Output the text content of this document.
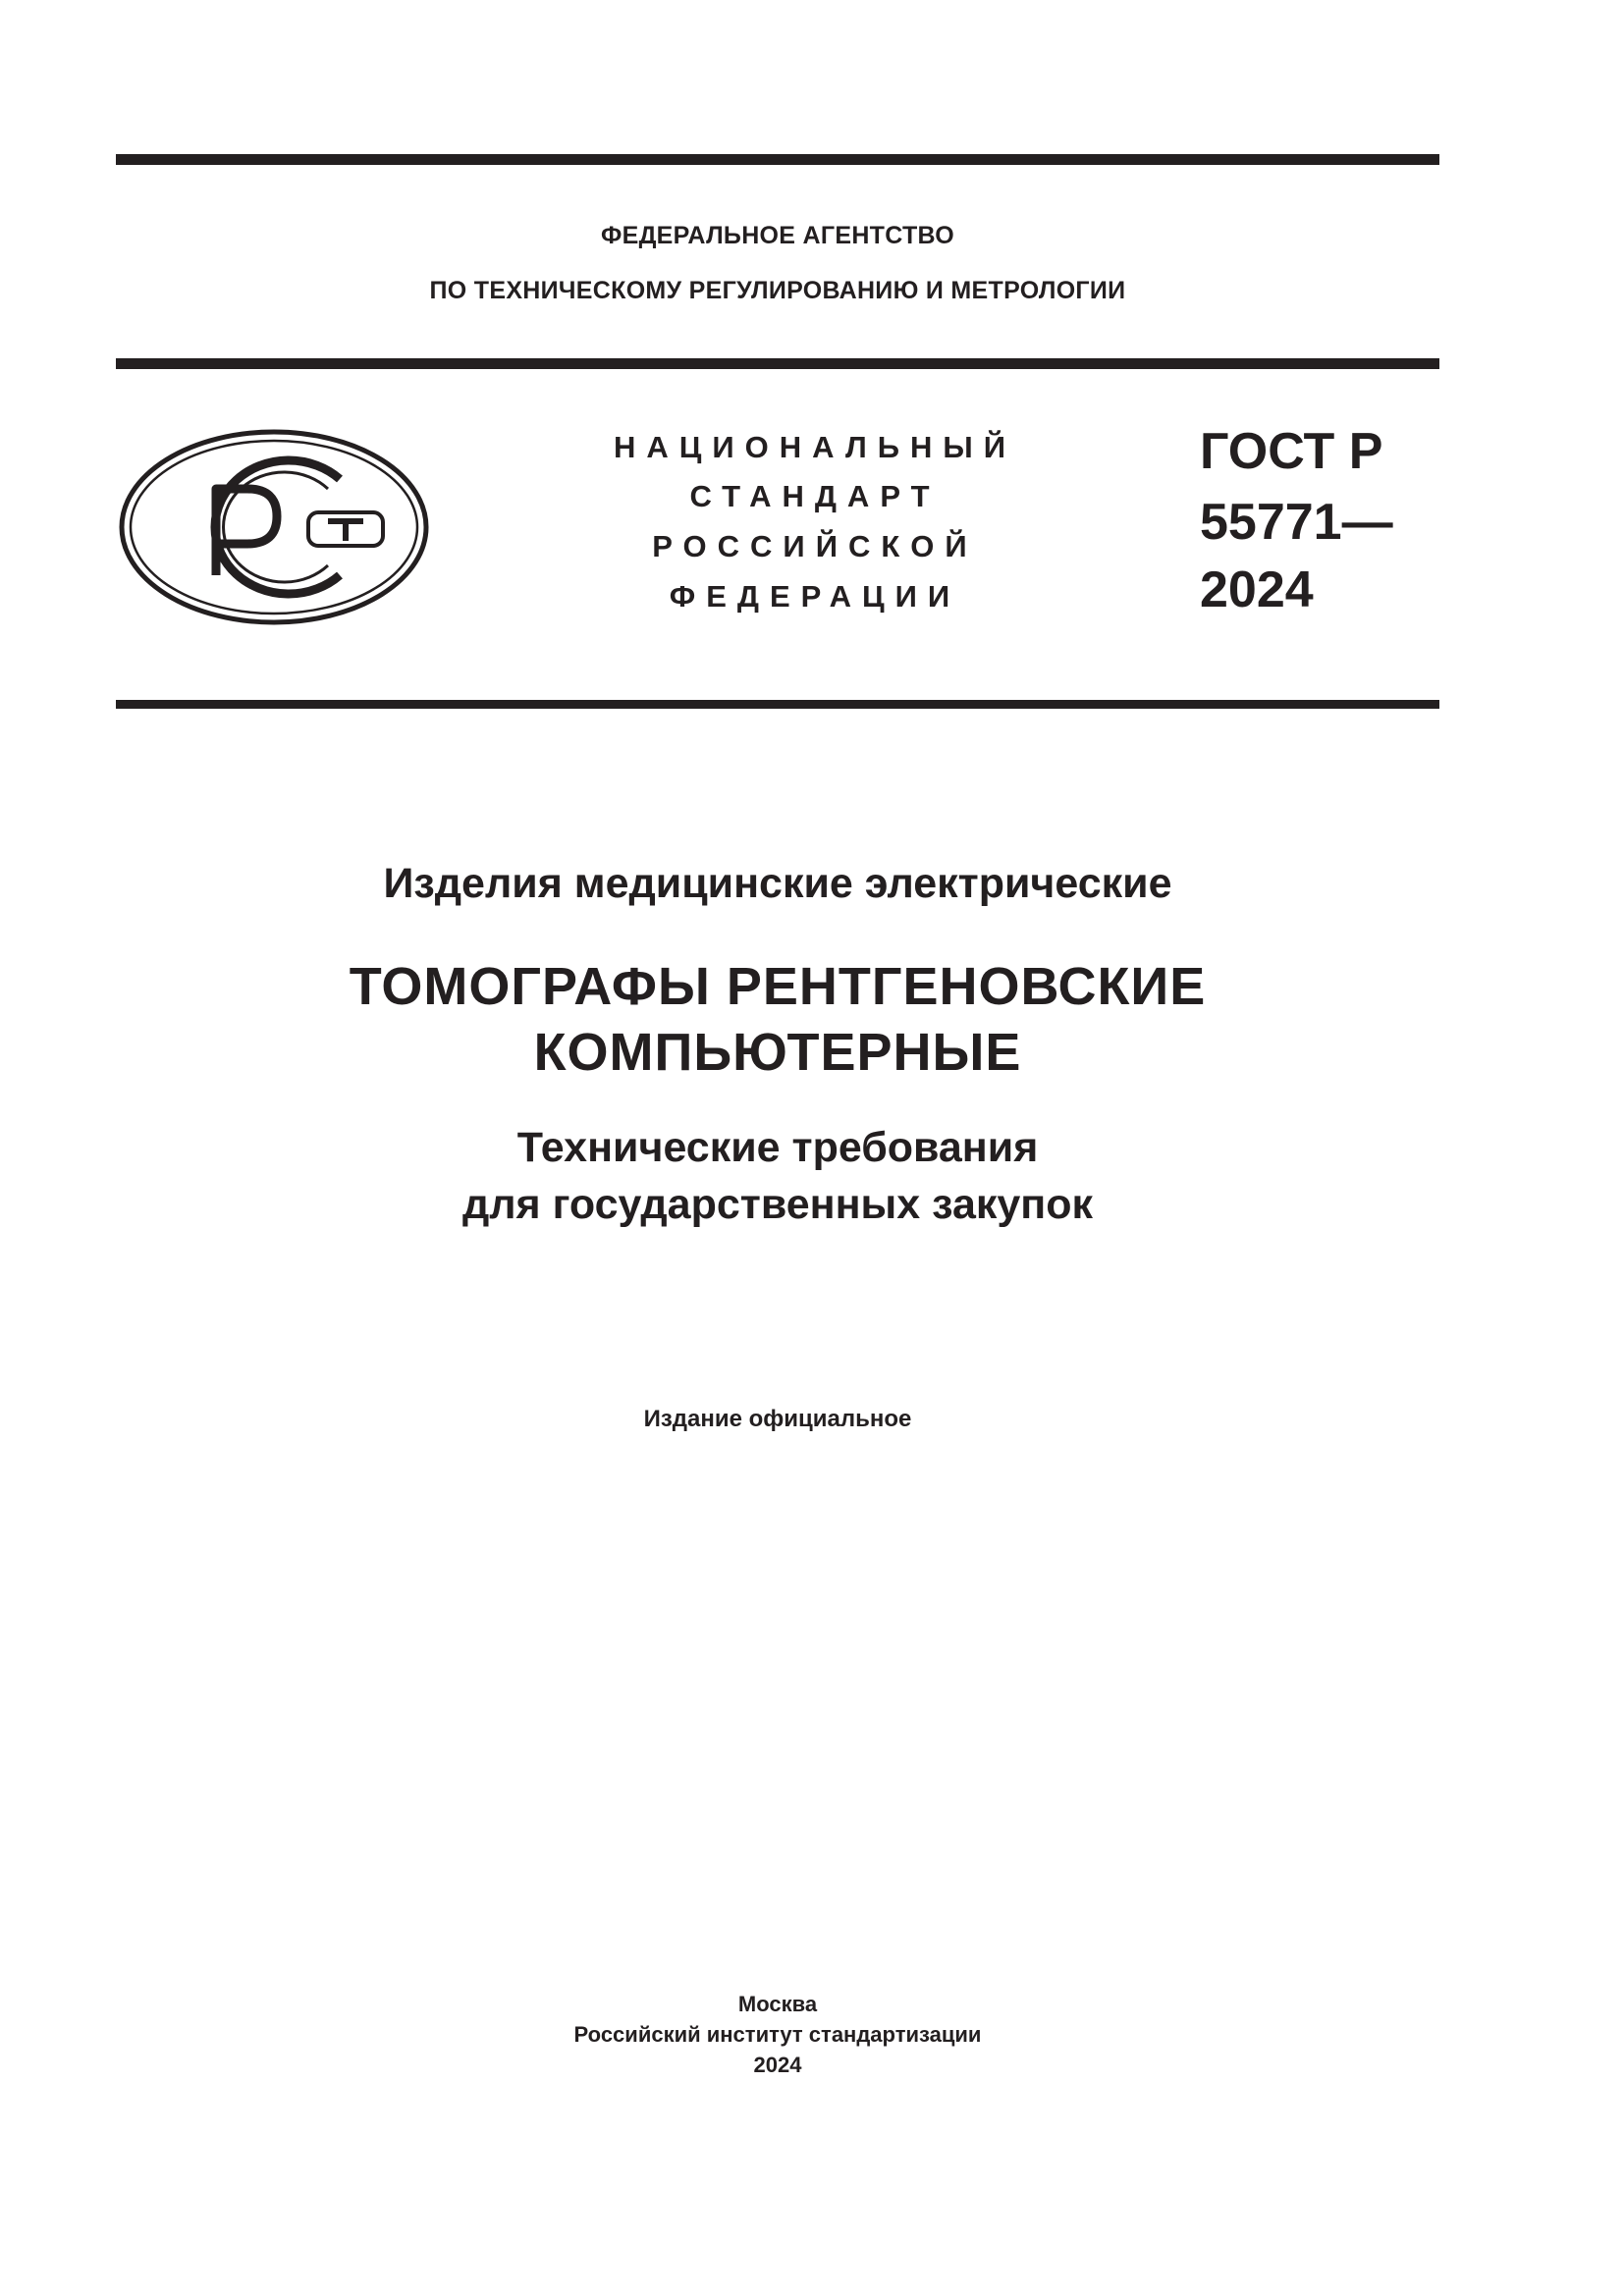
ФЕДЕРАЛЬНОЕ АГЕНТСТВО
ПО ТЕХНИЧЕСКОМУ РЕГУЛИРОВАНИЮ И МЕТРОЛОГИИ
НАЦИОНАЛЬНЫЙ
СТАНДАРТ
РОССИЙСКОЙ
ФЕДЕРАЦИИ
ГОСТ Р
55771—
2024
Изделия медицинские электрические
ТОМОГРАФЫ РЕНТГЕНОВСКИЕ
КОМПЬЮТЕРНЫЕ
Технические требования
для государственных закупок
Издание официальное
Москва
Российский институт стандартизации
2024
